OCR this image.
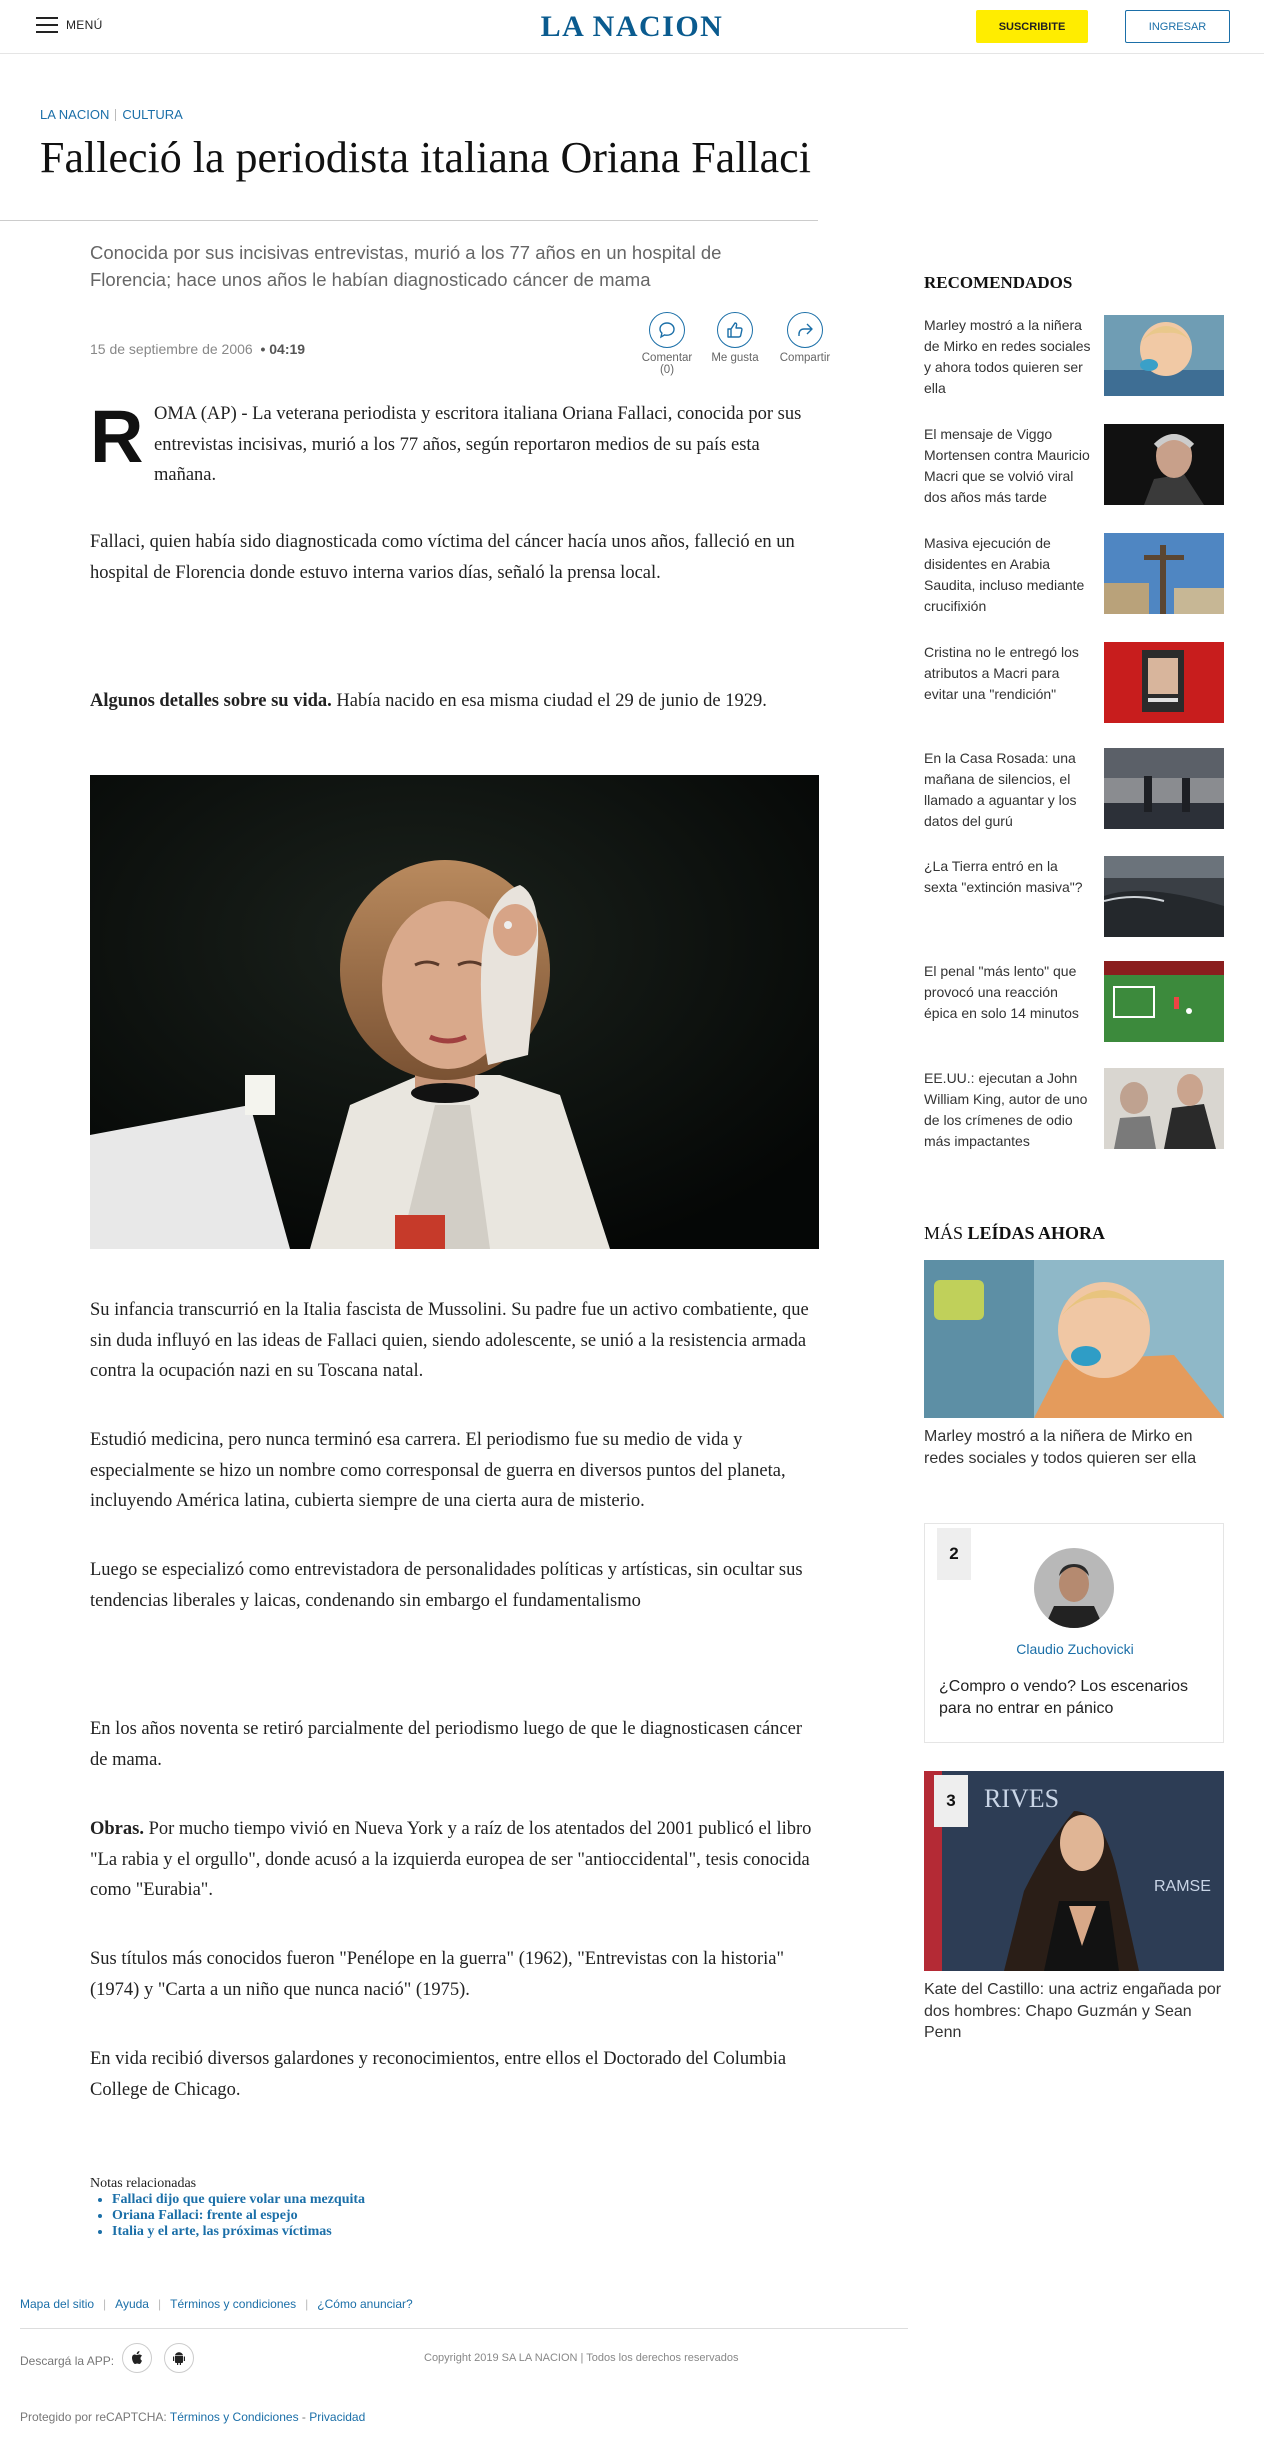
MENÚ	LA NACION	SUSCRIBITE	INGRESAR
LA NACION CULTURA
Falleció la periodista italiana Oriana Fallaci

Conocida por sus incisivas entrevistas, murió a los 77 años en un hospital de Florencia; hace unos años le habían diagnosticado cáncer de mama

15 de septiembre de 2006 • 04:19
Comentar
(0)
Me gusta	Compartir
R OMA (AP) - La veterana periodista y escritora italiana Oriana Fallaci, conocida por sus entrevistas incisivas, murió a los 77 años, según reportaron medios de su país esta mañana.

Fallaci, quien había sido diagnosticada como víctima del cáncer hacía unos años, falleció en un hospital de Florencia donde estuvo interna varios días, señaló la prensa local.

Algunos detalles sobre su vida. Había nacido en esa misma ciudad el 29 de junio de 1929.

Su infancia transcurrió en la Italia fascista de Mussolini. Su padre fue un activo combatiente, que sin duda influyó en las ideas de Fallaci quien, siendo adolescente, se unió a la resistencia armada contra la ocupación nazi en su Toscana natal.

Estudió medicina, pero nunca terminó esa carrera. El periodismo fue su medio de vida y especialmente se hizo un nombre como corresponsal de guerra en diversos puntos del planeta, incluyendo América latina, cubierta siempre de una cierta aura de misterio.

Luego se especializó como entrevistadora de personalidades políticas y artísticas, sin ocultar sus tendencias liberales y laicas, condenando sin embargo el fundamentalismo

En los años noventa se retiró parcialmente del periodismo luego de que le diagnosticasen cáncer de mama.

Obras. Por mucho tiempo vivió en Nueva York y a raíz de los atentados del 2001 publicó el libro "La rabia y el orgullo", donde acusó a la izquierda europea de ser "antioccidental", tesis conocida como "Eurabia".

Sus títulos más conocidos fueron "Penélope en la guerra" (1962), "Entrevistas con la historia" (1974) y "Carta a un niño que nunca nació" (1975).

En vida recibió diversos galardones y reconocimientos, entre ellos el Doctorado del Columbia College de Chicago.

Notas relacionadas
• Fallaci dijo que quiere volar una mezquita
• Oriana Fallaci: frente al espejo
• Italia y el arte, las próximas víctimas
RECOMENDADOS
Marley mostró a la niñera de Mirko en redes sociales y ahora todos quieren ser ella
El mensaje de Viggo Mortensen contra Mauricio Macri que se volvió viral dos años más tarde
Masiva ejecución de disidentes en Arabia Saudita, incluso mediante crucifixión
Cristina no le entregó los atributos a Macri para evitar una "rendición"
En la Casa Rosada: una mañana de silencios, el llamado a aguantar y los datos del gurú
¿La Tierra entró en la sexta "extinción masiva"?
El penal "más lento" que provocó una reacción épica en solo 14 minutos
EE.UU.: ejecutan a John William King, autor de uno de los crímenes de odio más impactantes
MÁS LEÍDAS AHORA
Marley mostró a la niñera de Mirko en redes sociales y todos quieren ser ella
2
Claudio Zuchovicki
¿Compro o vendo? Los escenarios para no entrar en pánico
RIVES
RAMSE
3
Kate del Castillo: una actriz engañada por dos hombres: Chapo Guzmán y Sean Penn
Mapa del sitio | Ayuda | Términos y condiciones | ¿Cómo anunciar?
Descargá la APP:	Copyright 2019 SA LA NACION | Todos los derechos reservados
Protegido por reCAPTCHA: Términos y Condiciones - Privacidad
